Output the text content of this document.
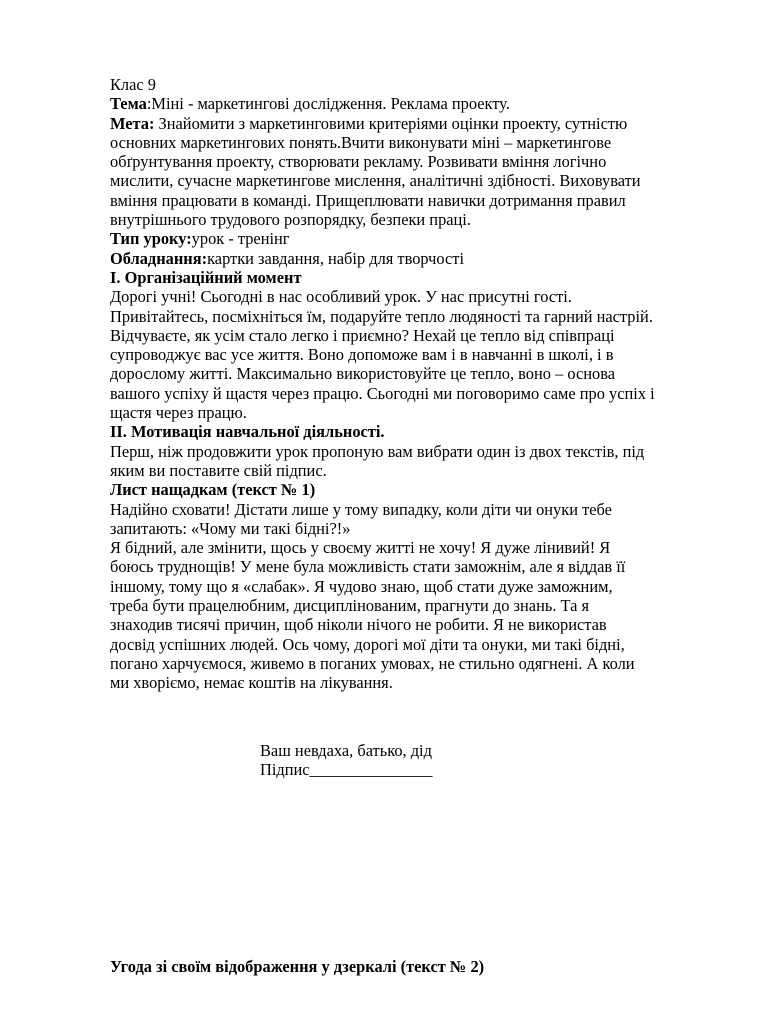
Клас 9
Тема:Міні - маркетингові дослідження. Реклама проекту.
Мета: Знайомити з маркетинговими критеріями оцінки проекту, сутністю
основних маркетингових понять.Вчити виконувати міні – маркетингове
обґрунтування проекту, створювати рекламу. Розвивати вміння логічно
мислити, сучасне маркетингове мислення, аналітичні здібності. Виховувати
вміння працювати в команді. Прищеплювати навички дотримання правил
внутрішнього трудового розпорядку, безпеки праці.
Тип уроку:урок - тренінг
Обладнання:картки завдання, набір для творчості
І. Організаційний момент
Дорогі учні! Сьогодні в нас особливий урок. У нас присутні гості.
Привітайтесь, посміхніться їм, подаруйте тепло людяності та гарний настрій.
Відчуваєте, як усім стало легко і приємно? Нехай це тепло від співпраці
супроводжує вас усе життя. Воно допоможе вам і в навчанні в школі, і в
дорослому житті. Максимально використовуйте це тепло, воно – основа
вашого успіху й щастя через працю. Сьогодні ми поговоримо саме про успіх і
щастя через працю.
ІІ. Мотивація навчальної діяльності.
Перш, ніж продовжити урок пропоную вам вибрати один із двох текстів, під
яким ви поставите свій підпис.
Лист нащадкам (текст № 1)
Надійно сховати! Дістати лише у тому випадку, коли діти чи онуки тебе
запитають: «Чому ми такі бідні?!»
Я бідний, але змінити, щось у своєму житті не хочу! Я дуже лінивий! Я
боюсь труднощів! У мене була можливість стати заможнім, але я віддав її
іншому, тому що я «слабак». Я чудово знаю, щоб стати дуже заможним,
треба бути працелюбним, дисциплінованим, прагнути до знань. Та я
знаходив тисячі причин, щоб ніколи нічого не робити. Я не використав
досвід успішних людей. Ось чому, дорогі мої діти та онуки, ми такі бідні,
погано харчуємося, живемо в поганих умовах, не стильно одягнені. А коли
ми хворіємо, немає коштів на лікування.
Ваш невдаха, батько, дід
Підпис_______________
Угода зі своїм відображення у дзеркалі (текст № 2)
